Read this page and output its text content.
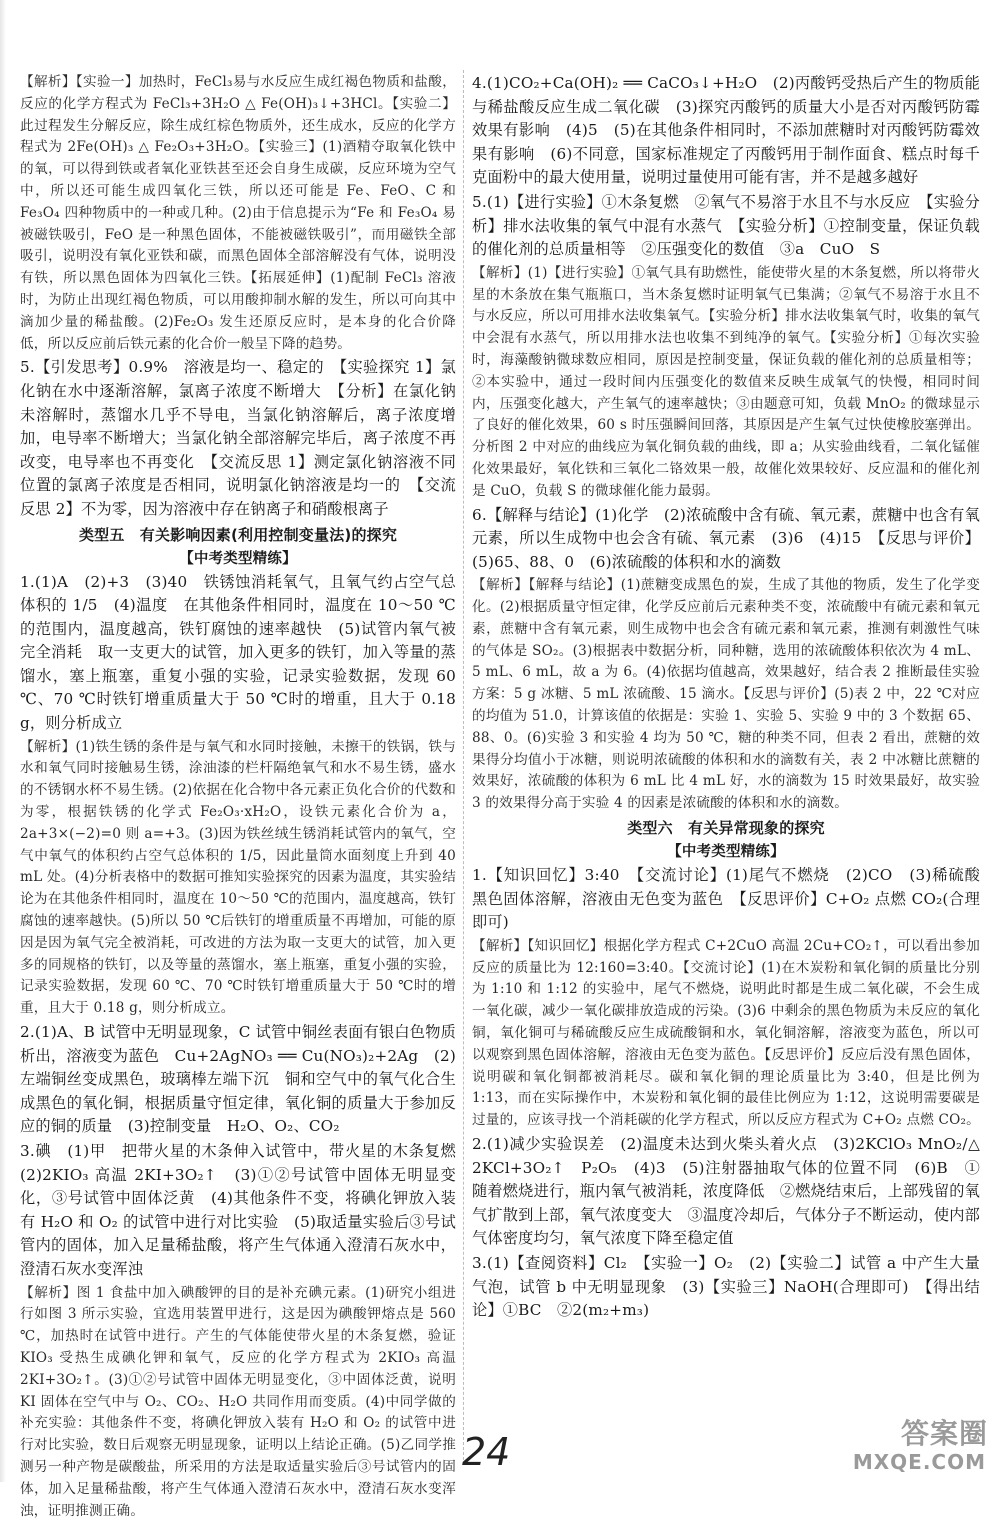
【解析】【实验一】加热时，FeCl₃易与水反应生成红褐色物质和盐酸，反应的化学方程式为 FeCl₃+3H₂O △ Fe(OH)₃↓+3HCl。【实验二】此过程发生分解反应，除生成红棕色物质外，还生成水，反应的化学方程式为 2Fe(OH)₃ △ Fe₂O₃+3H₂O。【实验三】(1)酒精夺取氧化铁中的氧，可以得到铁或者氧化亚铁甚至还会自身生成碳，反应环境为空气中，所以还可能生成四氧化三铁，所以还可能是 Fe、FeO、C 和 Fe₃O₄ 四种物质中的一种或几种。(2)由于信息提示为“Fe 和 Fe₃O₄ 易被磁铁吸引，FeO 是一种黑色固体，不能被磁铁吸引”，而用磁铁全部吸引，说明没有氧化亚铁和碳，而黑色固体全部溶解没有气体，说明没有铁，所以黑色固体为四氧化三铁。【拓展延伸】(1)配制 FeCl₃ 溶液时，为防止出现红褐色物质，可以用酸抑制水解的发生，所以可向其中滴加少量的稀盐酸。(2)Fe₂O₃ 发生还原反应时，是本身的化合价降低，所以反应前后铁元素的化合价一般呈下降的趋势。

5.【引发思考】0.9%　溶液是均一、稳定的　【实验探究 1】氯化钠在水中逐渐溶解，氯离子浓度不断增大　【分析】在氯化钠未溶解时，蒸馏水几乎不导电，当氯化钠溶解后，离子浓度增加，电导率不断增大；当氯化钠全部溶解完毕后，离子浓度不再改变，电导率也不再变化　【交流反思 1】测定氯化钠溶液不同位置的氯离子浓度是否相同，说明氯化钠溶液是均一的　【交流反思 2】不为零，因为溶液中存在钠离子和硝酸根离子

类型五　有关影响因素(利用控制变量法)的探究
【中考类型精练】

1.(1)A　(2)+3　(3)40　铁锈蚀消耗氧气，且氧气约占空气总体积的 1/5　(4)温度　在其他条件相同时，温度在 10～50 ℃的范围内，温度越高，铁钉腐蚀的速率越快　(5)试管内氧气被完全消耗　取一支更大的试管，加入更多的铁钉，加入等量的蒸馏水，塞上瓶塞，重复小强的实验，记录实验数据，发现 60 ℃、70 ℃时铁钉增重质量大于 50 ℃时的增重，且大于 0.18 g，则分析成立

【解析】(1)铁生锈的条件是与氧气和水同时接触，未擦干的铁锅，铁与水和氧气同时接触易生锈，涂油漆的栏杆隔绝氧气和水不易生锈，盛水的不锈钢水杯不易生锈。(2)依据在化合物中各元素正负化合价的代数和为零，根据铁锈的化学式 Fe₂O₃·xH₂O，设铁元素化合价为 a，2a+3×(−2)=0 则 a=+3。(3)因为铁丝绒生锈消耗试管内的氧气，空气中氧气的体积约占空气总体积的 1/5，因此量筒水面刻度上升到 40 mL 处。(4)分析表格中的数据可推知实验探究的因素为温度，其实验结论为在其他条件相同时，温度在 10～50 ℃的范围内，温度越高，铁钉腐蚀的速率越快。(5)所以 50 ℃后铁钉的增重质量不再增加，可能的原因是因为氧气完全被消耗，可改进的方法为取一支更大的试管，加入更多的同规格的铁钉，以及等量的蒸馏水，塞上瓶塞，重复小强的实验，记录实验数据，发现 60 ℃、70 ℃时铁钉增重质量大于 50 ℃时的增重，且大于 0.18 g，则分析成立。

2.(1)A、B 试管中无明显现象，C 试管中铜丝表面有银白色物质析出，溶液变为蓝色　Cu+2AgNO₃ ══ Cu(NO₃)₂+2Ag　(2)左端铜丝变成黑色，玻璃棒左端下沉　铜和空气中的氧气化合生成黑色的氧化铜，根据质量守恒定律，氧化铜的质量大于参加反应的铜的质量　(3)控制变量　H₂O、O₂、CO₂

3.碘　(1)甲　把带火星的木条伸入试管中，带火星的木条复燃　(2)2KIO₃ 高温 2KI+3O₂↑　(3)①②号试管中固体无明显变化，③号试管中固体泛黄　(4)其他条件不变，将碘化钾放入装有 H₂O 和 O₂ 的试管中进行对比实验　(5)取适量实验后③号试管内的固体，加入足量稀盐酸，将产生气体通入澄清石灰水中，澄清石灰水变浑浊

【解析】图 1 食盐中加入碘酸钾的目的是补充碘元素。(1)研究小组进行如图 3 所示实验，宜选用装置甲进行，这是因为碘酸钾熔点是 560 ℃，加热时在试管中进行。产生的气体能使带火星的木条复燃，验证 KIO₃ 受热生成碘化钾和氧气，反应的化学方程式为 2KIO₃ 高温 2KI+3O₂↑。(3)①②号试管中固体无明显变化，③中固体泛黄，说明 KI 固体在空气中与 O₂、CO₂、H₂O 共同作用而变质。(4)中同学做的补充实验：其他条件不变，将碘化钾放入装有 H₂O 和 O₂ 的试管中进行对比实验，数日后观察无明显现象，证明以上结论正确。(5)乙同学推测另一种产物是碳酸盐，所采用的方法是取适量实验后③号试管内的固体，加入足量稀盐酸，将产生气体通入澄清石灰水中，澄清石灰水变浑浊，证明推测正确。

4.(1)CO₂+Ca(OH)₂ ══ CaCO₃↓+H₂O　(2)丙酸钙受热后产生的物质能与稀盐酸反应生成二氧化碳　(3)探究丙酸钙的质量大小是否对丙酸钙防霉效果有影响　(4)5　(5)在其他条件相同时，不添加蔗糖时对丙酸钙防霉效果有影响　(6)不同意，国家标准规定了丙酸钙用于制作面食、糕点时每千克面粉中的最大使用量，说明过量使用可能有害，并不是越多越好

5.(1)【进行实验】①木条复燃　②氧气不易溶于水且不与水反应　【实验分析】排水法收集的氧气中混有水蒸气　【实验分析】①控制变量，保证负载的催化剂的总质量相等　②压强变化的数值　③a　CuO　S

【解析】(1)【进行实验】①氧气具有助燃性，能使带火星的木条复燃，所以将带火星的木条放在集气瓶瓶口，当木条复燃时证明氧气已集满；②氧气不易溶于水且不与水反应，所以可用排水法收集氧气。【实验分析】排水法收集氧气时，收集的氧气中会混有水蒸气，所以用排水法也收集不到纯净的氧气。【实验分析】①每次实验时，海藻酸钠微球数应相同，原因是控制变量，保证负载的催化剂的总质量相等；②本实验中，通过一段时间内压强变化的数值来反映生成氧气的快慢，相同时间内，压强变化越大，产生氧气的速率越快；③由题意可知，负载 MnO₂ 的微球显示了良好的催化效果，60 s 时压强瞬间回落，其原因是产生氧气过快使橡胶塞弹出。分析图 2 中对应的曲线应为氧化铜负载的曲线，即 a；从实验曲线看，二氧化锰催化效果最好，氧化铁和三氧化二铬效果一般，故催化效果较好、反应温和的催化剂是 CuO，负载 S 的微球催化能力最弱。

6.【解释与结论】(1)化学　(2)浓硫酸中含有硫、氧元素，蔗糖中也含有氧元素，所以生成物中也会含有硫、氧元素　(3)6　(4)15　【反思与评价】(5)65、88、0　(6)浓硫酸的体积和水的滴数

【解析】【解释与结论】(1)蔗糖变成黑色的炭，生成了其他的物质，发生了化学变化。(2)根据质量守恒定律，化学反应前后元素种类不变，浓硫酸中有硫元素和氧元素，蔗糖中含有氧元素，则生成物中也会含有硫元素和氧元素，推测有刺激性气味的气体是 SO₂。(3)根据表中数据分析，同种糖，选用的浓硫酸体积依次为 4 mL、5 mL、6 mL，故 a 为 6。(4)依据均值越高，效果越好，结合表 2 推断最佳实验方案：5 g 冰糖、5 mL 浓硫酸、15 滴水。【反思与评价】(5)表 2 中，22 ℃对应的均值为 51.0，计算该值的依据是：实验 1、实验 5、实验 9 中的 3 个数据 65、88、0。(6)实验 3 和实验 4 均为 50 ℃，糖的种类不同，但表 2 看出，蔗糖的效果得分均值小于冰糖，则说明浓硫酸的体积和水的滴数有关，表 2 中冰糖比蔗糖的效果好，浓硫酸的体积为 6 mL 比 4 mL 好，水的滴数为 15 时效果最好，故实验 3 的效果得分高于实验 4 的因素是浓硫酸的体积和水的滴数。

类型六　有关异常现象的探究
【中考类型精练】

1.【知识回忆】3:40　【交流讨论】(1)尾气不燃烧　(2)CO　(3)稀硫酸　黑色固体溶解，溶液由无色变为蓝色　【反思评价】C+O₂ 点燃 CO₂(合理即可)

【解析】【知识回忆】根据化学方程式 C+2CuO 高温 2Cu+CO₂↑，可以看出参加反应的质量比为 12:160=3:40。【交流讨论】(1)在木炭粉和氧化铜的质量比分别为 1:10 和 1:12 的实验中，尾气不燃烧，说明此时都是生成二氧化碳，不会生成一氧化碳，减少一氧化碳排放造成的污染。(3)6 中剩余的黑色物质为未反应的氧化铜，氧化铜可与稀硫酸反应生成硫酸铜和水，氧化铜溶解，溶液变为蓝色，所以可以观察到黑色固体溶解，溶液由无色变为蓝色。【反思评价】反应后没有黑色固体，说明碳和氧化铜都被消耗尽。碳和氧化铜的理论质量比为 3:40，但是比例为 1:13，而在实际操作中，木炭粉和氧化铜的最佳比例应为 1:12，这说明需要碳是过量的，应该寻找一个消耗碳的化学方程式，所以反应方程式为 C+O₂ 点燃 CO₂。

2.(1)减少实验误差　(2)温度未达到火柴头着火点　(3)2KClO₃ MnO₂/△ 2KCl+3O₂↑　P₂O₅　(4)3　(5)注射器抽取气体的位置不同　(6)B　①随着燃烧进行，瓶内氧气被消耗，浓度降低　②燃烧结束后，上部残留的氧气扩散到上部，氧气浓度变大　③温度冷却后，气体分子不断运动，使内部气体密度均匀，氧气浓度下降至稳定值

3.(1)【查阅资料】Cl₂　【实验一】O₂　(2)【实验二】试管 a 中产生大量气泡，试管 b 中无明显现象　(3)【实验三】NaOH(合理即可)　【得出结论】①BC　②2(m₂+m₃)

24	答案圈
MXQE.COM
